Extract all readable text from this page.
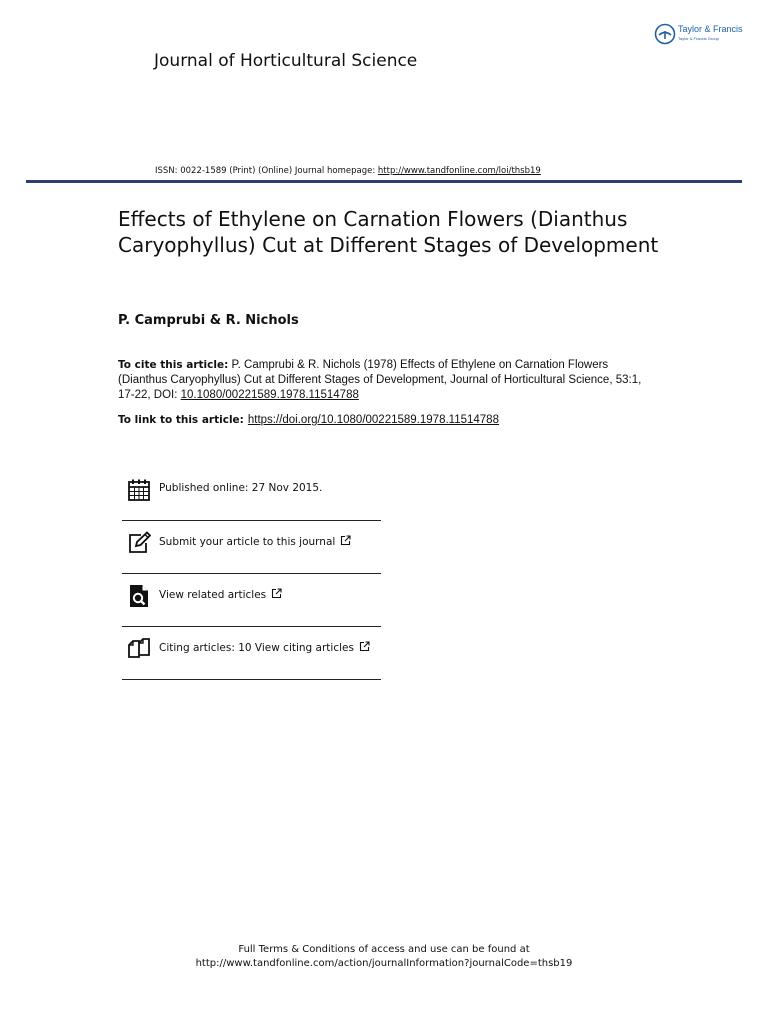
Taylor & Francis
Taylor & Francis Group
Journal of Horticultural Science
ISSN: 0022-1589 (Print) (Online) Journal homepage: http://www.tandfonline.com/loi/thsb19
Effects of Ethylene on Carnation Flowers (Dianthus Caryophyllus) Cut at Different Stages of Development
P. Camprubi & R. Nichols
To cite this article: P. Camprubi & R. Nichols (1978) Effects of Ethylene on Carnation Flowers (Dianthus Caryophyllus) Cut at Different Stages of Development, Journal of Horticultural Science, 53:1, 17-22, DOI: 10.1080/00221589.1978.11514788
To link to this article: https://doi.org/10.1080/00221589.1978.11514788
Published online: 27 Nov 2015.
Submit your article to this journal
View related articles
Citing articles: 10 View citing articles
Full Terms & Conditions of access and use can be found at
http://www.tandfonline.com/action/journalInformation?journalCode=thsb19
